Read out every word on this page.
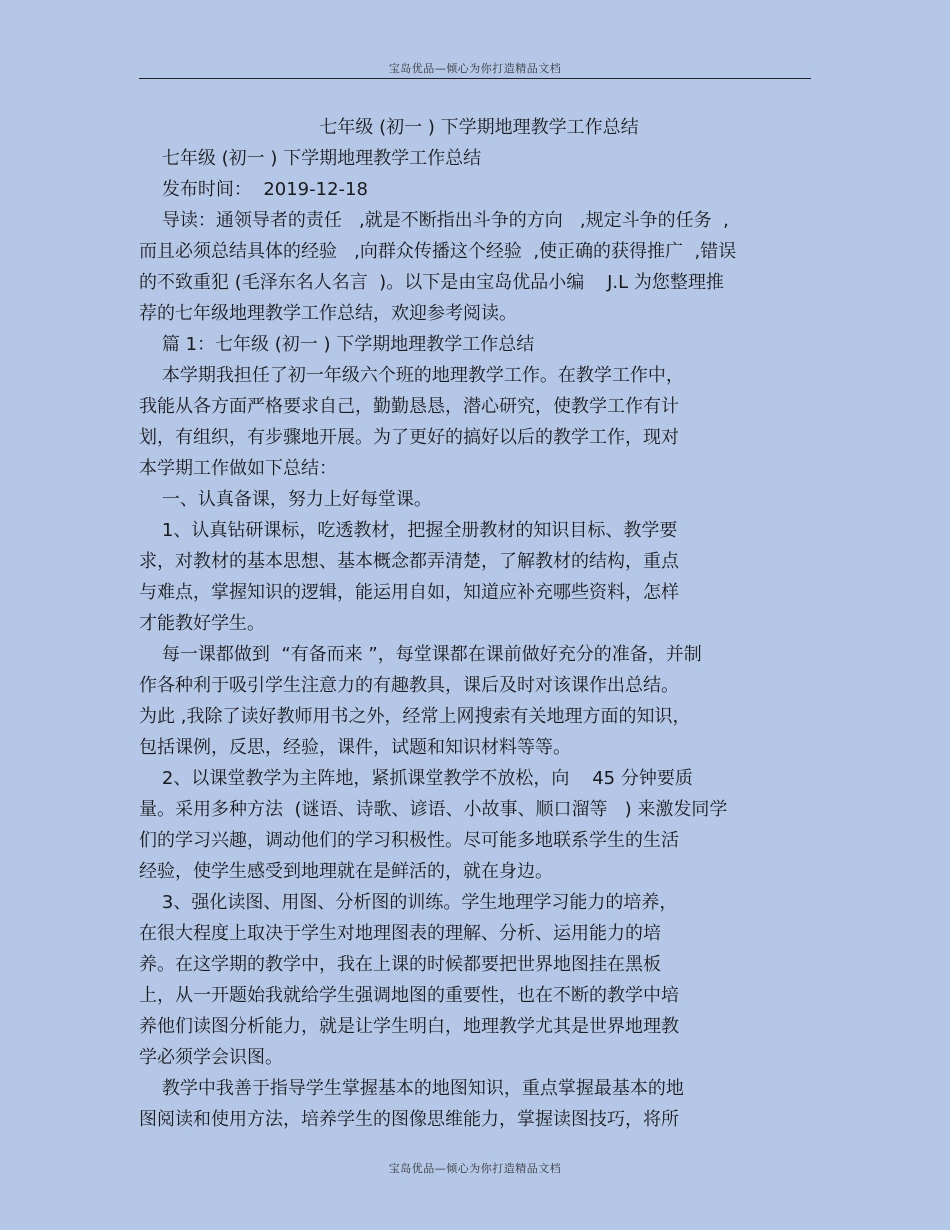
宝岛优品—倾心为你打造精品文档
七年级 (初一 ) 下学期地理教学工作总结
七年级 (初一 ) 下学期地理教学工作总结
发布时间：  2019-12-18
导读：通领导者的责任   ,就是不断指出斗争的方向   ,规定斗争的任务  ,
而且必须总结具体的经验   ,向群众传播这个经验  ,使正确的获得推广  ,错误
的不致重犯 (毛泽东名人名言  )。以下是由宝岛优品小编    J.L 为您整理推
荐的七年级地理教学工作总结，欢迎参考阅读。
篇 1：七年级 (初一 ) 下学期地理教学工作总结
本学期我担任了初一年级六个班的地理教学工作。在教学工作中，
我能从各方面严格要求自己，勤勤恳恳，潜心研究，使教学工作有计
划，有组织，有步骤地开展。为了更好的搞好以后的教学工作，现对
本学期工作做如下总结：
一、认真备课，努力上好每堂课。
1、认真钻研课标，吃透教材，把握全册教材的知识目标、教学要
求，对教材的基本思想、基本概念都弄清楚，了解教材的结构，重点
与难点，掌握知识的逻辑，能运用自如，知道应补充哪些资料，怎样
才能教好学生。
每一课都做到  “有备而来 ”，每堂课都在课前做好充分的准备，并制
作各种利于吸引学生注意力的有趣教具，课后及时对该课作出总结。
为此 ,我除了读好教师用书之外，经常上网搜索有关地理方面的知识，
包括课例，反思，经验，课件，试题和知识材料等等。
2、以课堂教学为主阵地，紧抓课堂教学不放松，向    45 分钟要质
量。采用多种方法  (谜语、诗歌、谚语、小故事、顺口溜等   ) 来激发同学
们的学习兴趣，调动他们的学习积极性。尽可能多地联系学生的生活
经验，使学生感受到地理就在是鲜活的，就在身边。
3、强化读图、用图、分析图的训练。学生地理学习能力的培养，
在很大程度上取决于学生对地理图表的理解、分析、运用能力的培
养。在这学期的教学中，我在上课的时候都要把世界地图挂在黑板
上，从一开题始我就给学生强调地图的重要性，也在不断的教学中培
养他们读图分析能力，就是让学生明白，地理教学尤其是世界地理教
学必须学会识图。
教学中我善于指导学生掌握基本的地图知识，重点掌握最基本的地
图阅读和使用方法，培养学生的图像思维能力，掌握读图技巧，将所
宝岛优品—倾心为你打造精品文档
